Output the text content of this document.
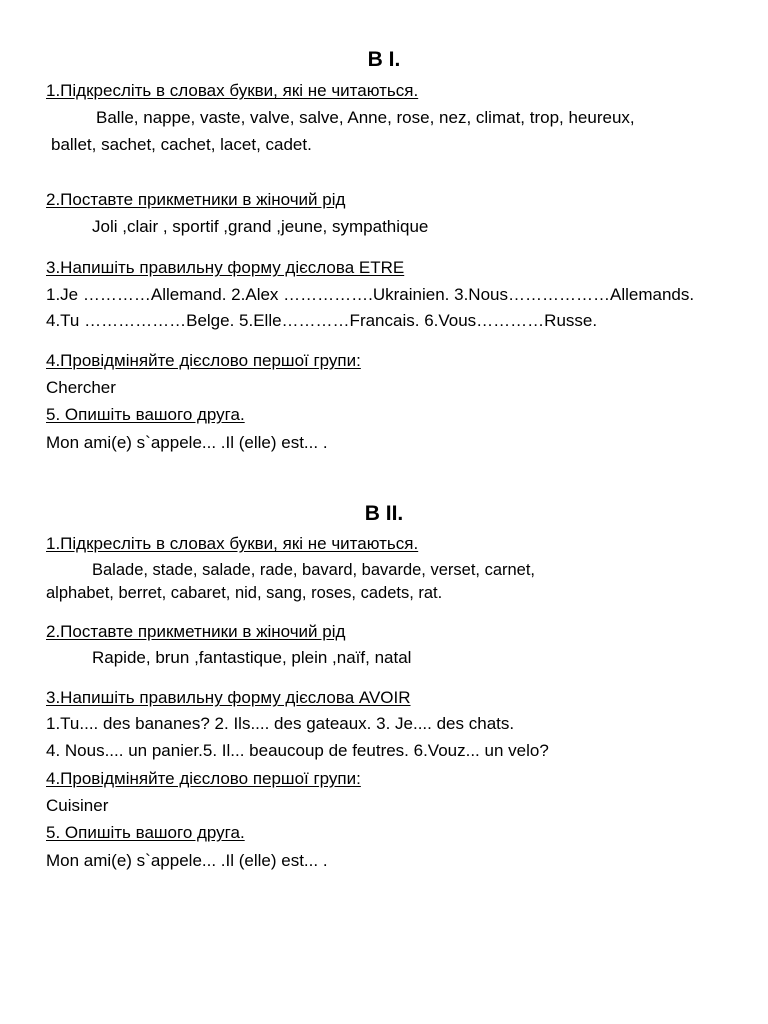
B I.
1.Підкресліть в словах букви, які не читаються.
Balle, nappe, vaste, valve, salve, Anne, rose, nez, climat, trop, heureux,
ballet, sachet, cachet, lacet, cadet.
2.Поставте прикметники в жіночий рід
Joli ,clair , sportif ,grand ,jeune, sympathique
3.Напишіть правильну форму дієслова ETRE
1.Je …………Allemand. 2.Alex …………….Ukrainien. 3.Nous………………Allemands.
4.Tu ………………Belge. 5.Elle…………Francais. 6.Vous…………Russe.
4.Провідміняйте дієслово першої групи:
Chercher
5. Опишіть вашого друга.
Mon ami(e) s`appele... .Il (elle) est... .
B II.
1.Підкресліть в словах букви, які не читаються.
Balade, stade, salade, rade, bavard, bavarde, verset, carnet,
alphabet, berret, cabaret, nid, sang, roses, cadets, rat.
2.Поставте прикметники в жіночий рід
Rapide, brun ,fantastique, plein ,naïf, natal
3.Напишіть правильну форму дієслова AVOIR
1.Tu.... des bananes? 2. Ils.... des gateaux. 3. Je.... des chats.
4. Nous.... un panier.5. Il... beaucoup de feutres. 6.Vouz... un velo?
4.Провідміняйте дієслово першої групи:
Cuisiner
5. Опишіть вашого друга.
Mon ami(e) s`appele... .Il (elle) est... .
